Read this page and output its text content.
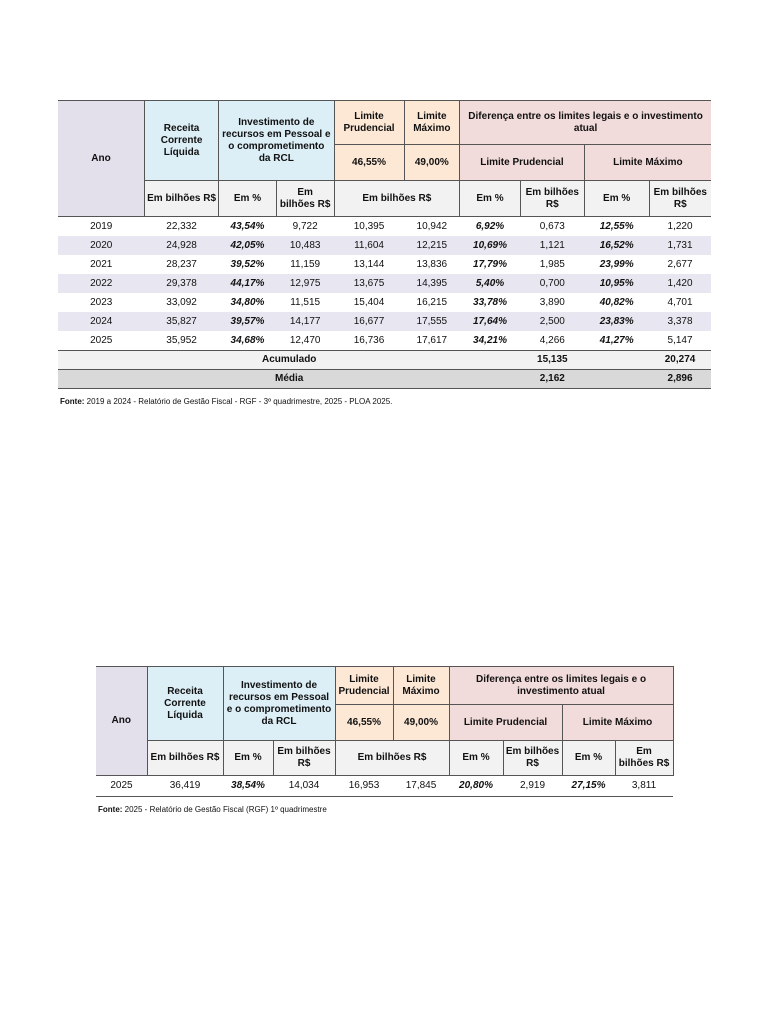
Ano	Receita Corrente Líquida	Investimento de recursos em Pessoal e o comprometimento da RCL		Limite Prudencial	Limite Máximo	Diferença entre os limites legais e o investimento atual			
				46,55%	49,00%	Limite Prudencial		Limite Máximo	
	Em bilhões R$	Em %	Em bilhões R$	Em bilhões R$		Em %	Em bilhões R$	Em %	Em bilhões R$
2019	22,332	43,54%	9,722	10,395	10,942	6,92%	0,673	12,55%	1,220
2020	24,928	42,05%	10,483	11,604	12,215	10,69%	1,121	16,52%	1,731
2021	28,237	39,52%	11,159	13,144	13,836	17,79%	1,985	23,99%	2,677
2022	29,378	44,17%	12,975	13,675	14,395	5,40%	0,700	10,95%	1,420
2023	33,092	34,80%	11,515	15,404	16,215	33,78%	3,890	40,82%	4,701
2024	35,827	39,57%	14,177	16,677	17,555	17,64%	2,500	23,83%	3,378
2025	35,952	34,68%	12,470	16,736	17,617	34,21%	4,266	41,27%	5,147
Acumulado							15,135		20,274
Média							2,162		2,896
Fonte: 2019 a 2024 - Relatório de Gestão Fiscal - RGF - 3º quadrimestre, 2025 - PLOA 2025.
Ano	Receita Corrente Líquida	Investimento de recursos em Pessoal e o comprometimento da RCL		Limite Prudencial	Limite Máximo	Diferença entre os limites legais e o investimento atual			
				46,55%	49,00%	Limite Prudencial		Limite Máximo	
	Em bilhões R$	Em %	Em bilhões R$	Em bilhões R$		Em %	Em bilhões R$	Em %	Em bilhões R$
2025	36,419	38,54%	14,034	16,953	17,845	20,80%	2,919	27,15%	3,811
Fonte: 2025 - Relatório de Gestão Fiscal (RGF) 1º quadrimestre
